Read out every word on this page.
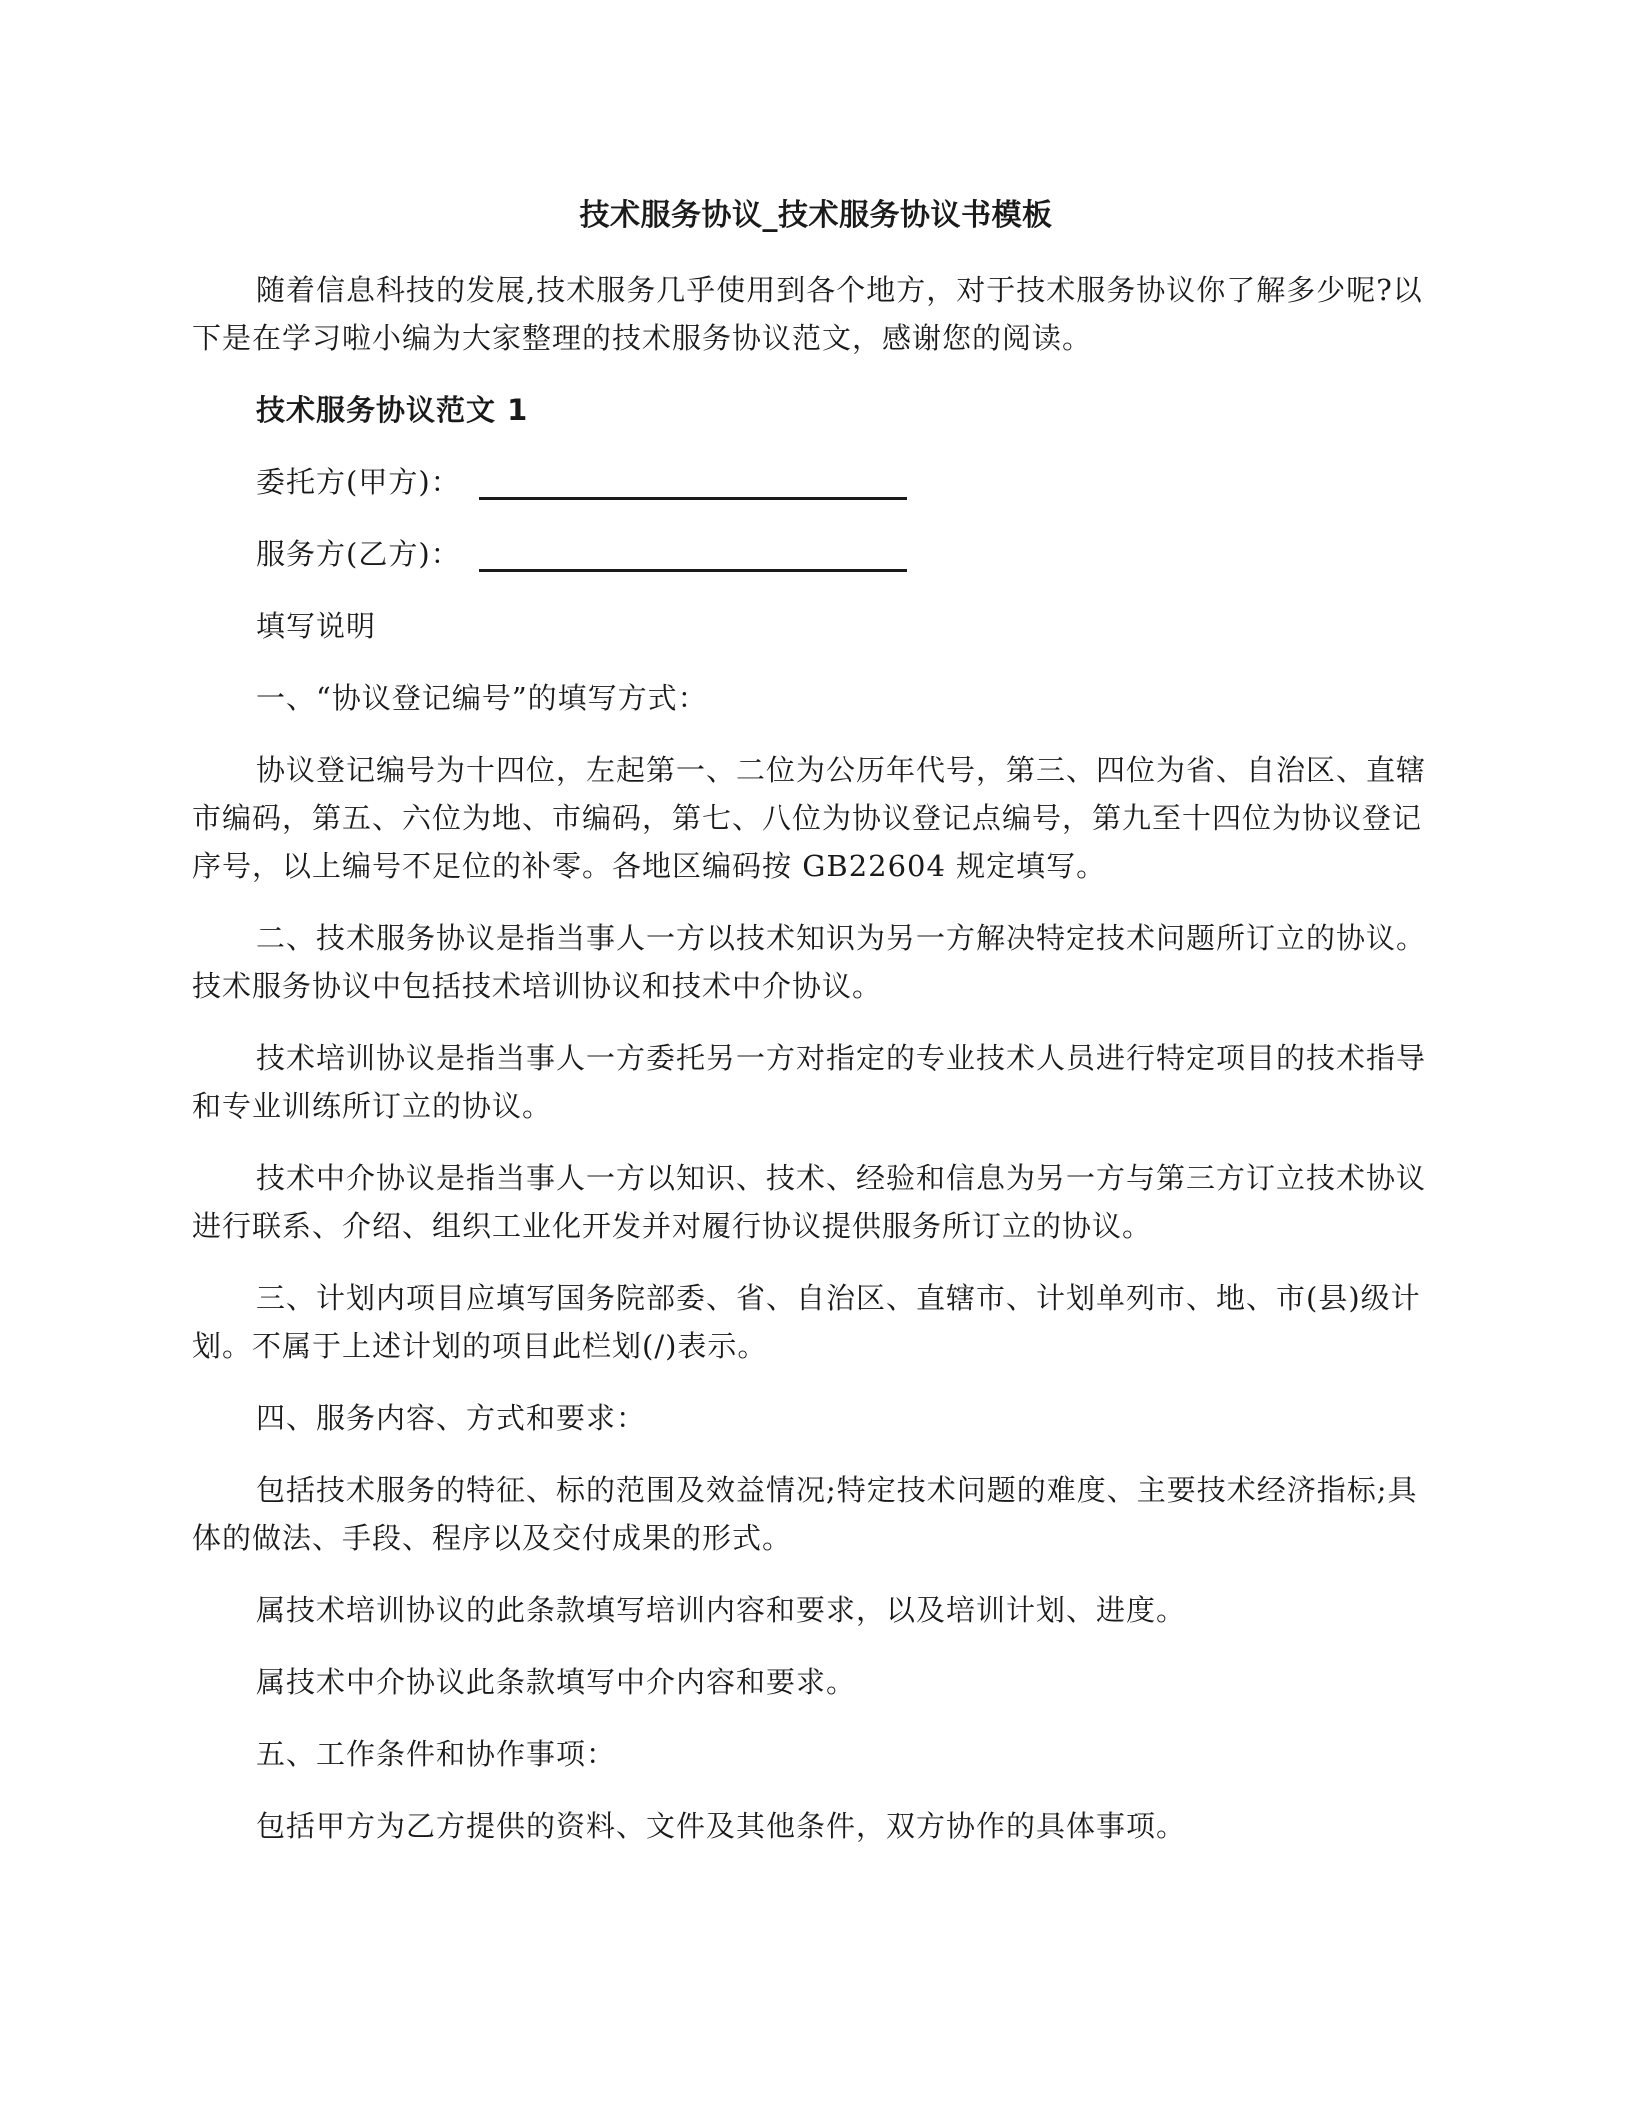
技术服务协议_技术服务协议书模板

随着信息科技的发展,技术服务几乎使用到各个地方，对于技术服务协议你了解多少呢?以下是在学习啦小编为大家整理的技术服务协议范文，感谢您的阅读。

技术服务协议范文 1
委托方(甲方)：
服务方(乙方)：

填写说明

一、“协议登记编号”的填写方式：

协议登记编号为十四位，左起第一、二位为公历年代号，第三、四位为省、自治区、直辖市编码，第五、六位为地、市编码，第七、八位为协议登记点编号，第九至十四位为协议登记序号，以上编号不足位的补零。各地区编码按 GB22604 规定填写。

二、技术服务协议是指当事人一方以技术知识为另一方解决特定技术问题所订立的协议。技术服务协议中包括技术培训协议和技术中介协议。

技术培训协议是指当事人一方委托另一方对指定的专业技术人员进行特定项目的技术指导和专业训练所订立的协议。

技术中介协议是指当事人一方以知识、技术、经验和信息为另一方与第三方订立技术协议进行联系、介绍、组织工业化开发并对履行协议提供服务所订立的协议。

三、计划内项目应填写国务院部委、省、自治区、直辖市、计划单列市、地、市(县)级计划。不属于上述计划的项目此栏划(/)表示。

四、服务内容、方式和要求：

包括技术服务的特征、标的范围及效益情况;特定技术问题的难度、主要技术经济指标;具体的做法、手段、程序以及交付成果的形式。

属技术培训协议的此条款填写培训内容和要求，以及培训计划、进度。

属技术中介协议此条款填写中介内容和要求。

五、工作条件和协作事项：

包括甲方为乙方提供的资料、文件及其他条件，双方协作的具体事项。
